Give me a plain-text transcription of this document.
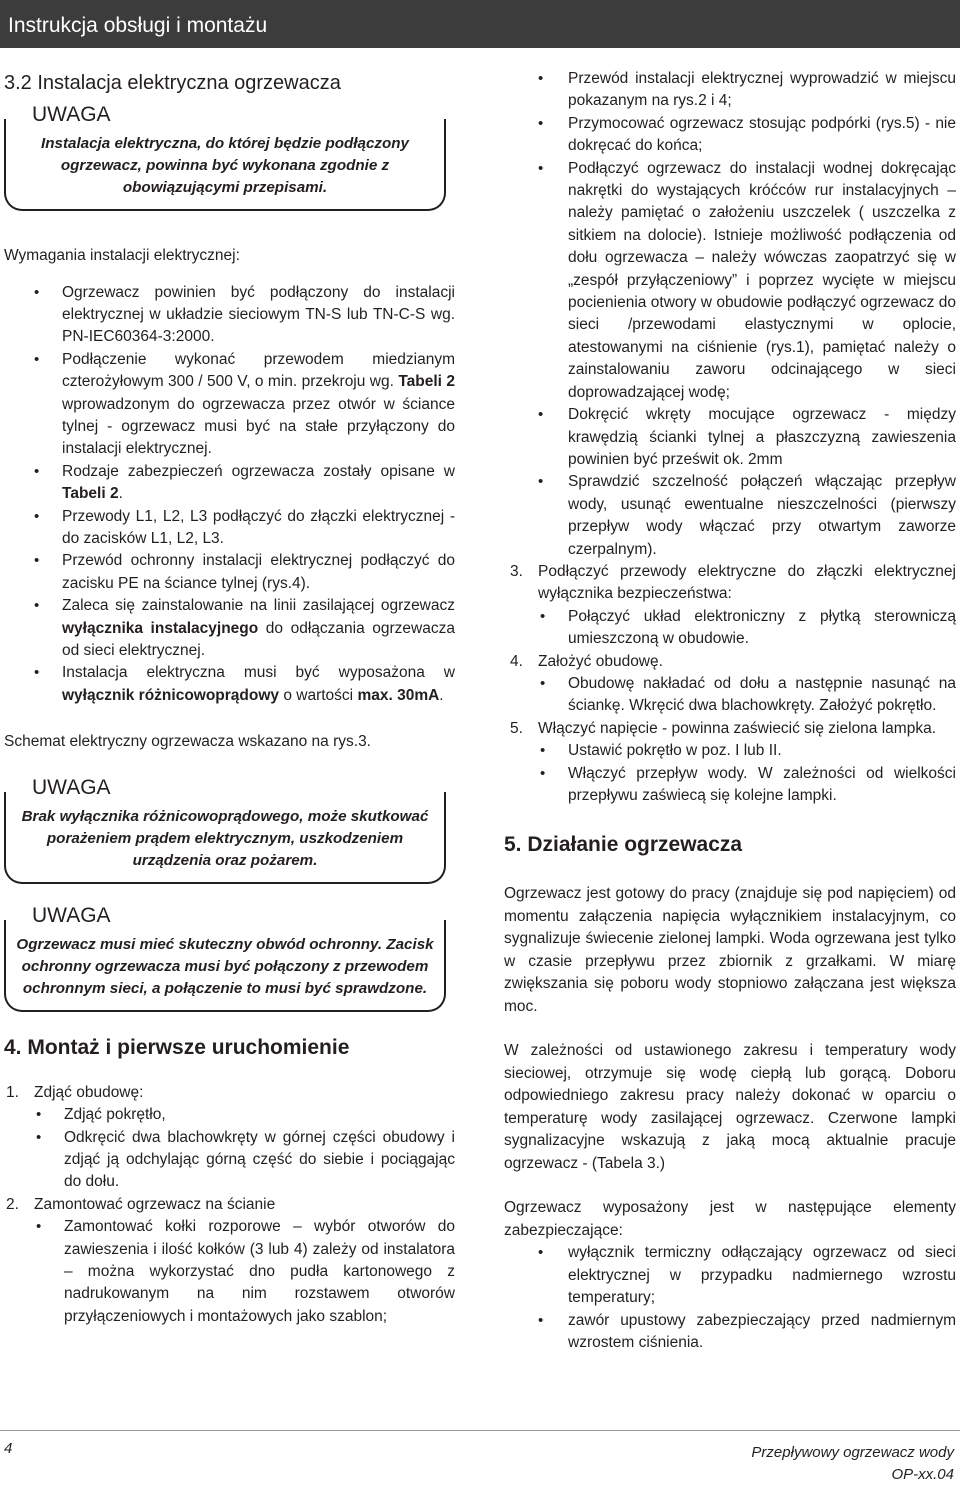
Instrukcja obsługi i montażu
3.2 Instalacja elektryczna ogrzewacza
UWAGA

Instalacja elektryczna, do której będzie podłączony ogrzewacz, powinna być wykonana zgodnie z obowiązującymi przepisami.

Wymagania instalacji elektrycznej:

• Ogrzewacz powinien być podłączony do instalacji elektrycznej w układzie sieciowym TN-S lub TN-C-S wg. PN-IEC60364-3:2000.
• Podłączenie wykonać przewodem miedzianym czterożyłowym 300 / 500 V, o min. przekroju wg. Tabeli 2 wprowadzonym do ogrzewacza przez otwór w ściance tylnej - ogrzewacz musi być na stałe przyłączony do instalacji elektrycznej.
• Rodzaje zabezpieczeń ogrzewacza zostały opisane w Tabeli 2.
• Przewody L1, L2, L3 podłączyć do złączki elektrycznej - do zacisków L1, L2, L3.
• Przewód ochronny instalacji elektrycznej podłączyć do zacisku PE na ściance tylnej (rys.4).
• Zaleca się zainstalowanie na linii zasilającej ogrzewacz wyłącznika instalacyjnego do odłączania ogrzewacza od sieci elektrycznej.
• Instalacja elektryczna musi być wyposażona w wyłącznik różnicowoprądowy o wartości max. 30mA.

Schemat elektryczny ogrzewacza wskazano na rys.3.

UWAGA

Brak wyłącznika różnicowoprądowego, może skutkować porażeniem prądem elektrycznym, uszkodzeniem urządzenia oraz pożarem.

UWAGA

Ogrzewacz musi mieć skuteczny obwód ochronny. Zacisk ochronny ogrzewacza musi być połączony z przewodem ochronnym sieci, a połączenie to musi być sprawdzone.

4. Montaż i pierwsze uruchomienie
1. Zdjąć obudowę:
• Zdjąć pokrętło,
• Odkręcić dwa blachowkręty w górnej części obudowy i zdjąć ją odchylając górną część do siebie i pociągając do dołu.
2. Zamontować ogrzewacz na ścianie
• Zamontować kołki rozporowe – wybór otworów do zawieszenia i ilość kołków (3 lub 4) zależy od instalatora – można wykorzystać dno pudła kartonowego z nadrukowanym na nim rozstawem otworów przyłączeniowych i montażowych jako szablon;
• Przewód instalacji elektrycznej wyprowadzić w miejscu pokazanym na rys.2 i 4;
• Przymocować ogrzewacz stosując podpórki (rys.5) - nie dokręcać do końca;
• Podłączyć ogrzewacz do instalacji wodnej dokręcając nakrętki do wystających króćców rur instalacyjnych – należy pamiętać o założeniu uszczelek ( uszczelka z sitkiem na dolocie). Istnieje możliwość podłączenia od dołu ogrzewacza – należy wówczas zaopatrzyć się w „zespół przyłączeniowy” i poprzez wycięte w miejscu pocienienia otwory w obudowie podłączyć ogrzewacz do sieci /przewodami elastycznymi w oplocie, atestowanymi na ciśnienie (rys.1), pamiętać należy o zainstalowaniu zaworu odcinającego w sieci doprowadzającej wodę;
• Dokręcić wkręty mocujące ogrzewacz - między krawędzią ścianki tylnej a płaszczyzną zawieszenia powinien być prześwit ok. 2mm
• Sprawdzić szczelność połączeń włączając przepływ wody, usunąć ewentualne nieszczelności (pierwszy przepływ wody włączać przy otwartym zaworze czerpalnym).
3. Podłączyć przewody elektryczne do złączki elektrycznej wyłącznika bezpieczeństwa:
• Połączyć układ elektroniczny z płytką sterowniczą umieszczoną w obudowie.
4. Założyć obudowę.
• Obudowę nakładać od dołu a następnie nasunąć na ściankę. Wkręcić dwa blachowkręty. Założyć pokrętło.
5. Włączyć napięcie - powinna zaświecić się zielona lampka.
• Ustawić pokrętło w poz. I lub II.
• Włączyć przepływ wody. W zależności od wielkości przepływu zaświecą się kolejne lampki.
5. Działanie ogrzewacza

Ogrzewacz jest gotowy do pracy (znajduje się pod napięciem) od momentu załączenia napięcia wyłącznikiem instalacyjnym, co sygnalizuje świecenie zielonej lampki. Woda ogrzewana jest tylko w czasie przepływu przez zbiornik z grzałkami. W miarę zwiększania się poboru wody stopniowo załączana jest większa moc.

W zależności od ustawionego zakresu i temperatury wody sieciowej, otrzymuje się wodę ciepłą lub gorącą. Doboru odpowiedniego zakresu pracy należy dokonać w oparciu o temperaturę wody zasilającej ogrzewacz. Czerwone lampki sygnalizacyjne wskazują z jaką mocą aktualnie pracuje ogrzewacz - (Tabela 3.)

Ogrzewacz wyposażony jest w następujące elementy zabezpieczające:

• wyłącznik termiczny odłączający ogrzewacz od sieci elektrycznej w przypadku nadmiernego wzrostu temperatury;
• zawór upustowy zabezpieczający przed nadmiernym wzrostem ciśnienia.
4	Przepływowy ogrzewacz wody
OP-xx.04
